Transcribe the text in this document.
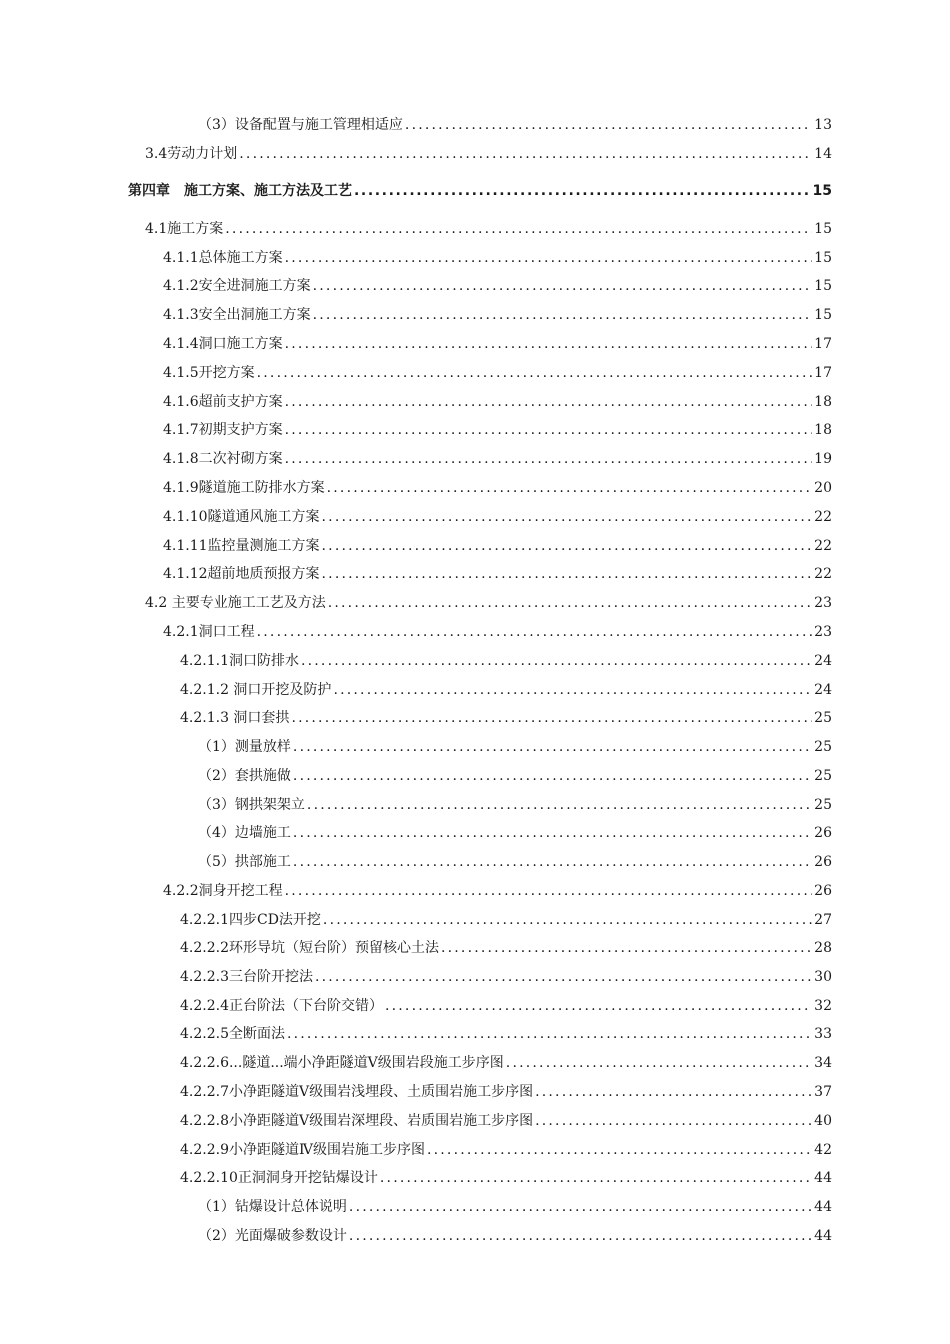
（3）设备配置与施工管理相适应 .....	13
3.4劳动力计划 .....	14
第四章　施工方案、施工方法及工艺 .....	15
4.1施工方案 .....	15
4.1.1总体施工方案 .....	15
4.1.2安全进洞施工方案 .....	15
4.1.3安全出洞施工方案 .....	15
4.1.4洞口施工方案 .....	17
4.1.5开挖方案 .....	17
4.1.6超前支护方案 .....	18
4.1.7初期支护方案 .....	18
4.1.8二次衬砌方案 .....	19
4.1.9隧道施工防排水方案 .....	20
4.1.10隧道通风施工方案 .....	22
4.1.11监控量测施工方案 .....	22
4.1.12超前地质预报方案 .....	22
4.2 主要专业施工工艺及方法 .....	23
4.2.1洞口工程 .....	23
4.2.1.1洞口防排水 .....	24
4.2.1.2 洞口开挖及防护 .....	24
4.2.1.3 洞口套拱 .....	25
（1）测量放样 .....	25
（2）套拱施做 .....	25
（3）钢拱架架立 .....	25
（4）边墙施工 .....	26
（5）拱部施工 .....	26
4.2.2洞身开挖工程 .....	26
4.2.2.1四步CD法开挖 .....	27
4.2.2.2环形导坑（短台阶）预留核心土法 .....	28
4.2.2.3三台阶开挖法 .....	30
4.2.2.4正台阶法（下台阶交错） .....	32
4.2.2.5全断面法 .....	33
4.2.2.6...隧道...端小净距隧道Ⅴ级围岩段施工步序图 .....	34
4.2.2.7小净距隧道Ⅴ级围岩浅埋段、土质围岩施工步序图 .....	37
4.2.2.8小净距隧道Ⅴ级围岩深埋段、岩质围岩施工步序图 .....	40
4.2.2.9小净距隧道Ⅳ级围岩施工步序图 .....	42
4.2.2.10正洞洞身开挖钻爆设计 .....	44
（1）钻爆设计总体说明 .....	44
（2）光面爆破参数设计 .....	44
